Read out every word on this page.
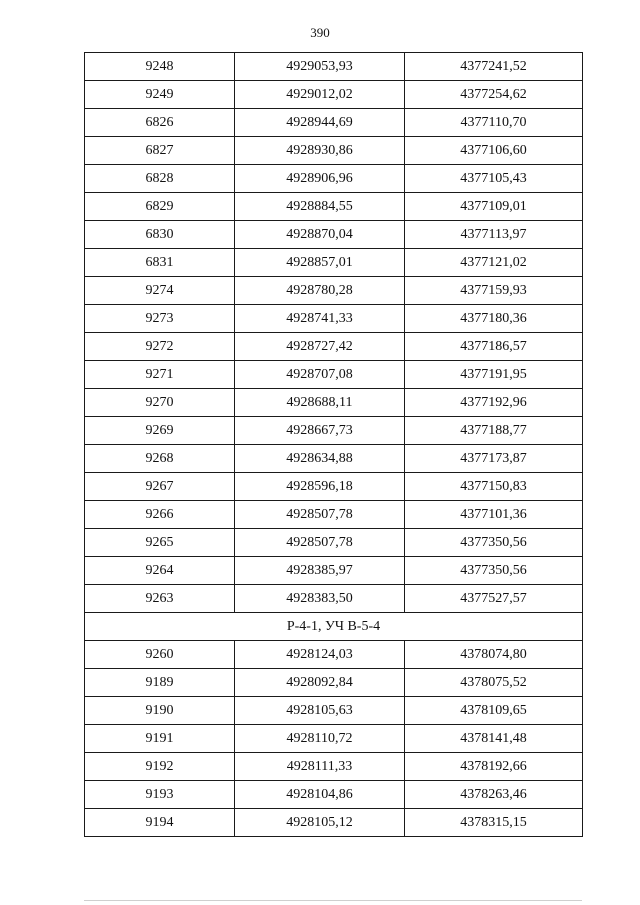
390
9248	4929053,93	4377241,52
9249	4929012,02	4377254,62
6826	4928944,69	4377110,70
6827	4928930,86	4377106,60
6828	4928906,96	4377105,43
6829	4928884,55	4377109,01
6830	4928870,04	4377113,97
6831	4928857,01	4377121,02
9274	4928780,28	4377159,93
9273	4928741,33	4377180,36
9272	4928727,42	4377186,57
9271	4928707,08	4377191,95
9270	4928688,11	4377192,96
9269	4928667,73	4377188,77
9268	4928634,88	4377173,87
9267	4928596,18	4377150,83
9266	4928507,78	4377101,36
9265	4928507,78	4377350,56
9264	4928385,97	4377350,56
9263	4928383,50	4377527,57
Р-4-1, УЧ В-5-4		
9260	4928124,03	4378074,80
9189	4928092,84	4378075,52
9190	4928105,63	4378109,65
9191	4928110,72	4378141,48
9192	4928111,33	4378192,66
9193	4928104,86	4378263,46
9194	4928105,12	4378315,15
